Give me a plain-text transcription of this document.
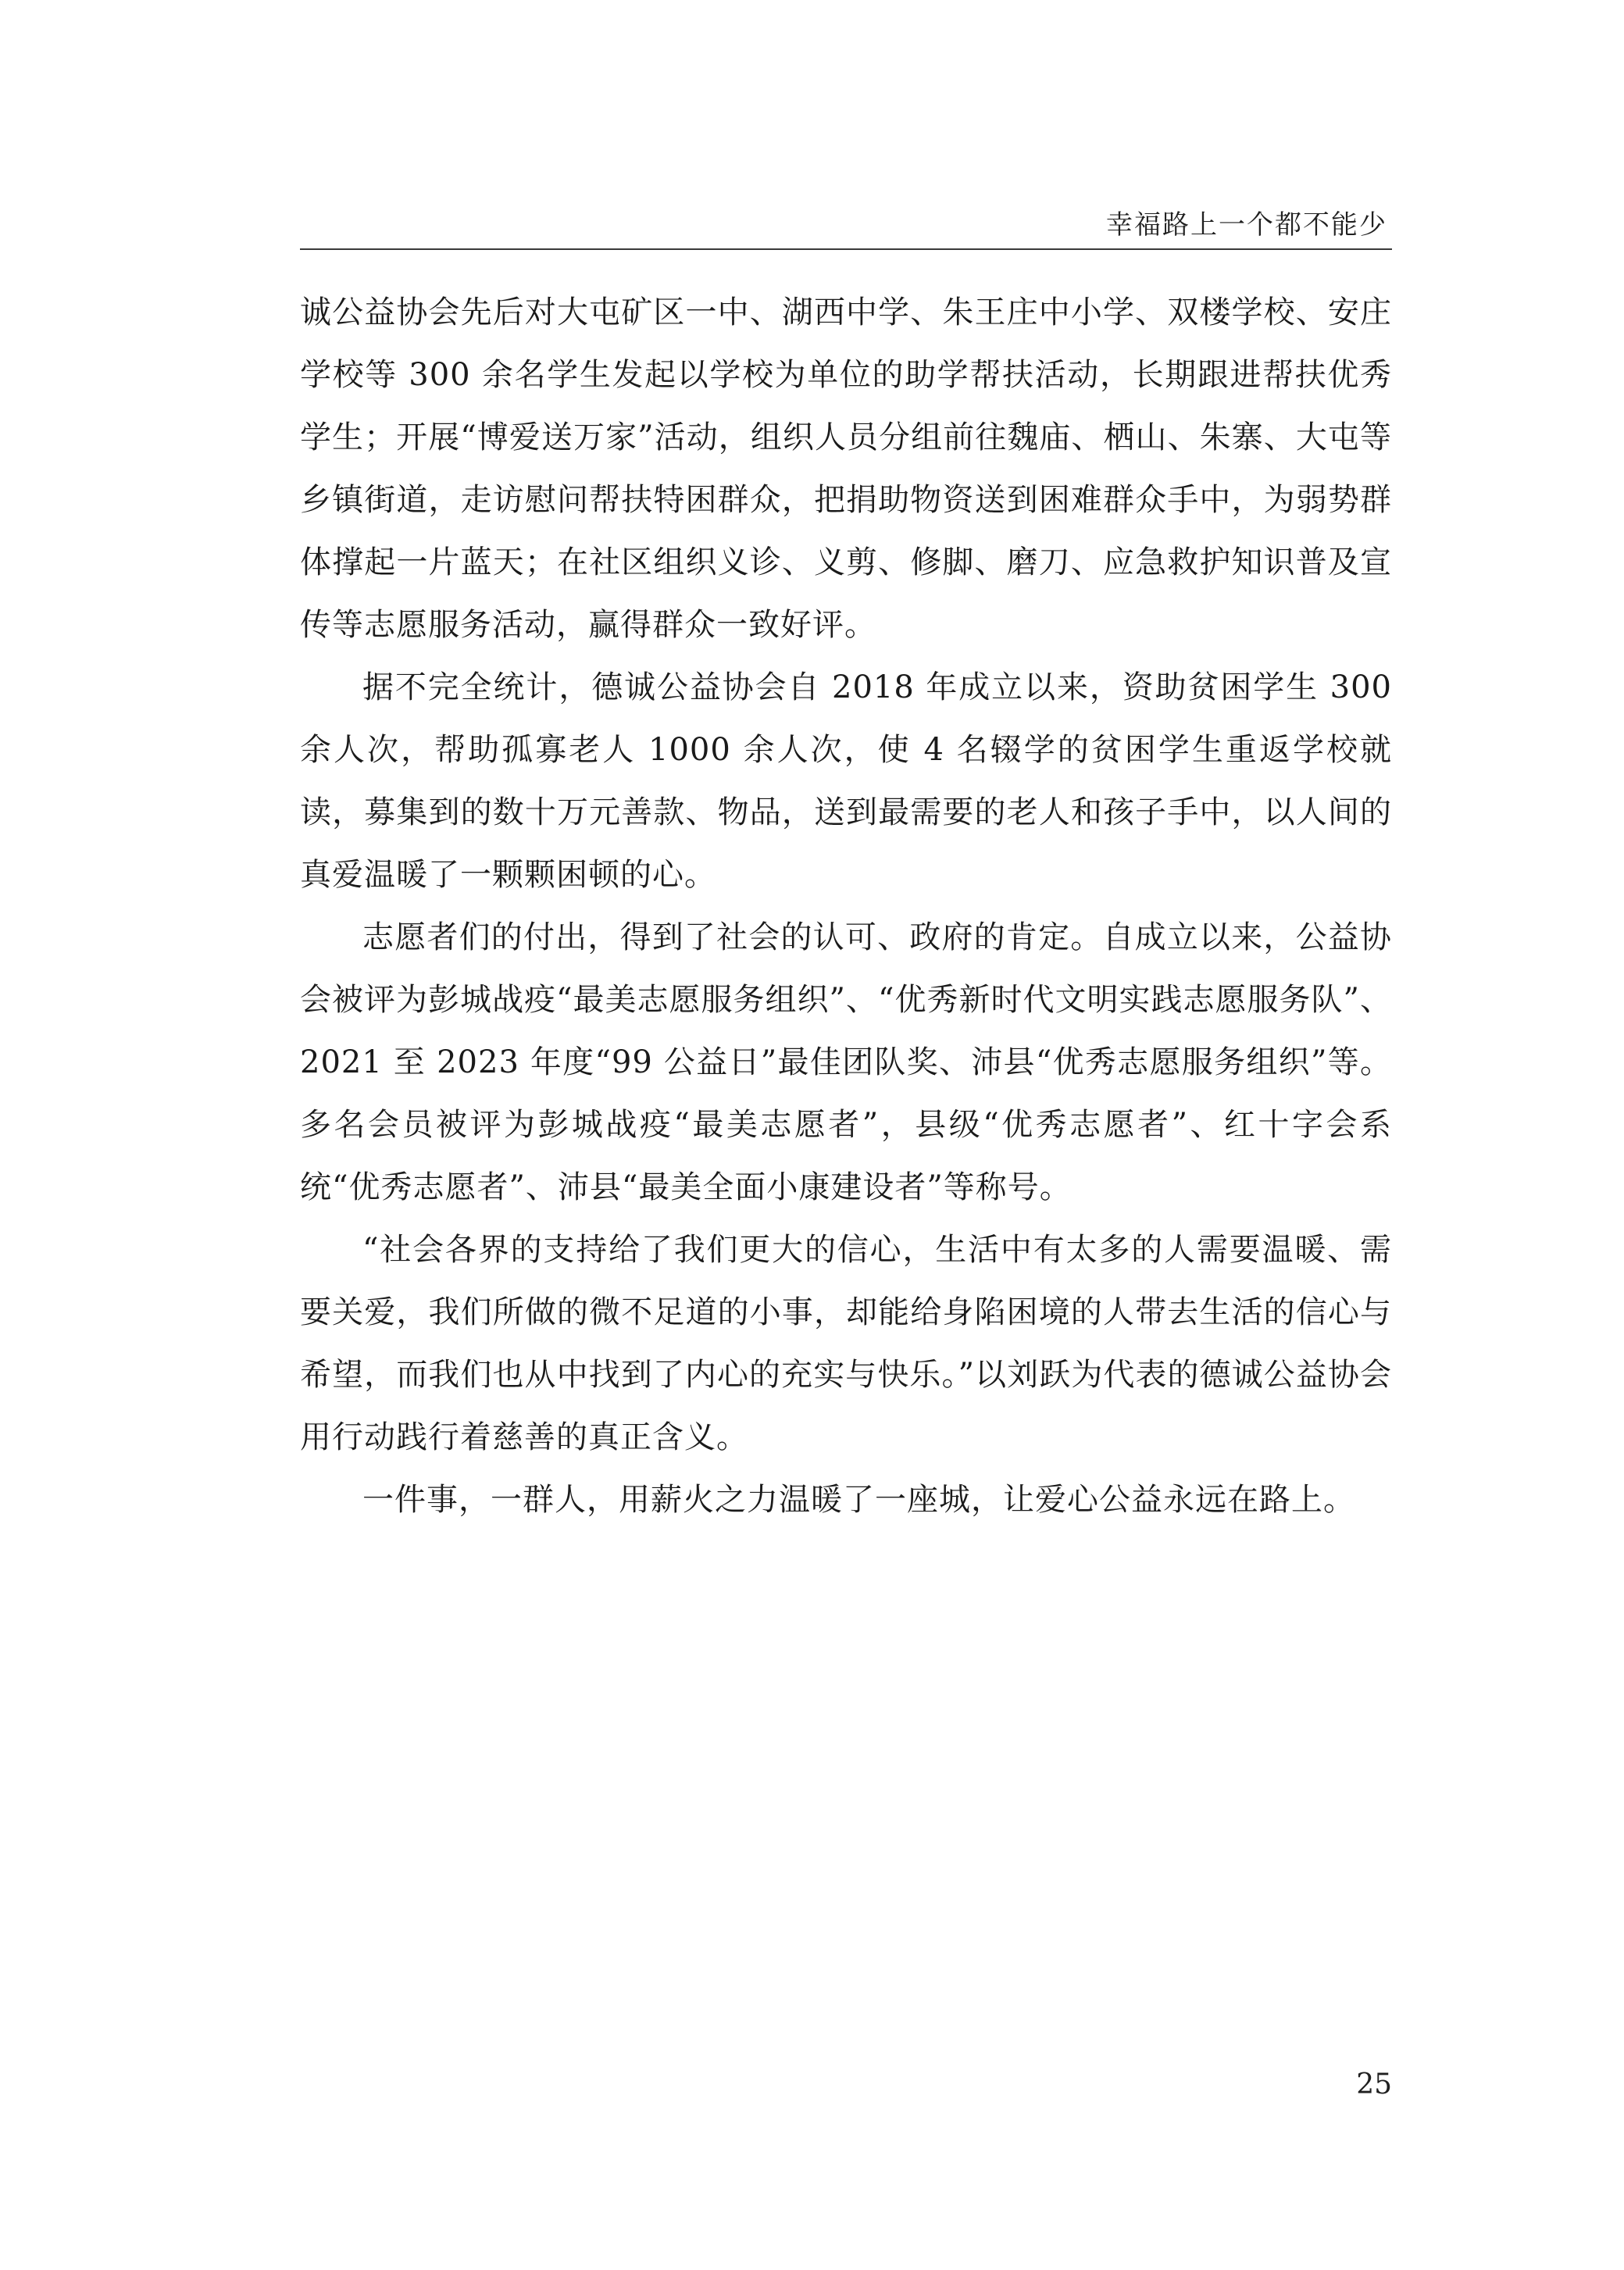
幸福路上一个都不能少

诚公益协会先后对大屯矿区一中、湖西中学、朱王庄中小学、双楼学校、安庄学校等 300 余名学生发起以学校为单位的助学帮扶活动，长期跟进帮扶优秀学生；开展“博爱送万家”活动，组织人员分组前往魏庙、栖山、朱寨、大屯等乡镇街道，走访慰问帮扶特困群众，把捐助物资送到困难群众手中，为弱势群体撑起一片蓝天；在社区组织义诊、义剪、修脚、磨刀、应急救护知识普及宣传等志愿服务活动，赢得群众一致好评。

据不完全统计，德诚公益协会自 2018 年成立以来，资助贫困学生 300 余人次，帮助孤寡老人 1000 余人次，使 4 名辍学的贫困学生重返学校就读，募集到的数十万元善款、物品，送到最需要的老人和孩子手中，以人间的真爱温暖了一颗颗困顿的心。

志愿者们的付出，得到了社会的认可、政府的肯定。自成立以来，公益协会被评为彭城战疫“最美志愿服务组织”、“优秀新时代文明实践志愿服务队”、2021 至 2023 年度“99 公益日”最佳团队奖、沛县“优秀志愿服务组织”等。多名会员被评为彭城战疫“最美志愿者”，县级“优秀志愿者”、红十字会系统“优秀志愿者”、沛县“最美全面小康建设者”等称号。

“社会各界的支持给了我们更大的信心，生活中有太多的人需要温暖、需要关爱，我们所做的微不足道的小事，却能给身陷困境的人带去生活的信心与希望，而我们也从中找到了内心的充实与快乐。”以刘跃为代表的德诚公益协会用行动践行着慈善的真正含义。

一件事，一群人，用薪火之力温暖了一座城，让爱心公益永远在路上。

25
